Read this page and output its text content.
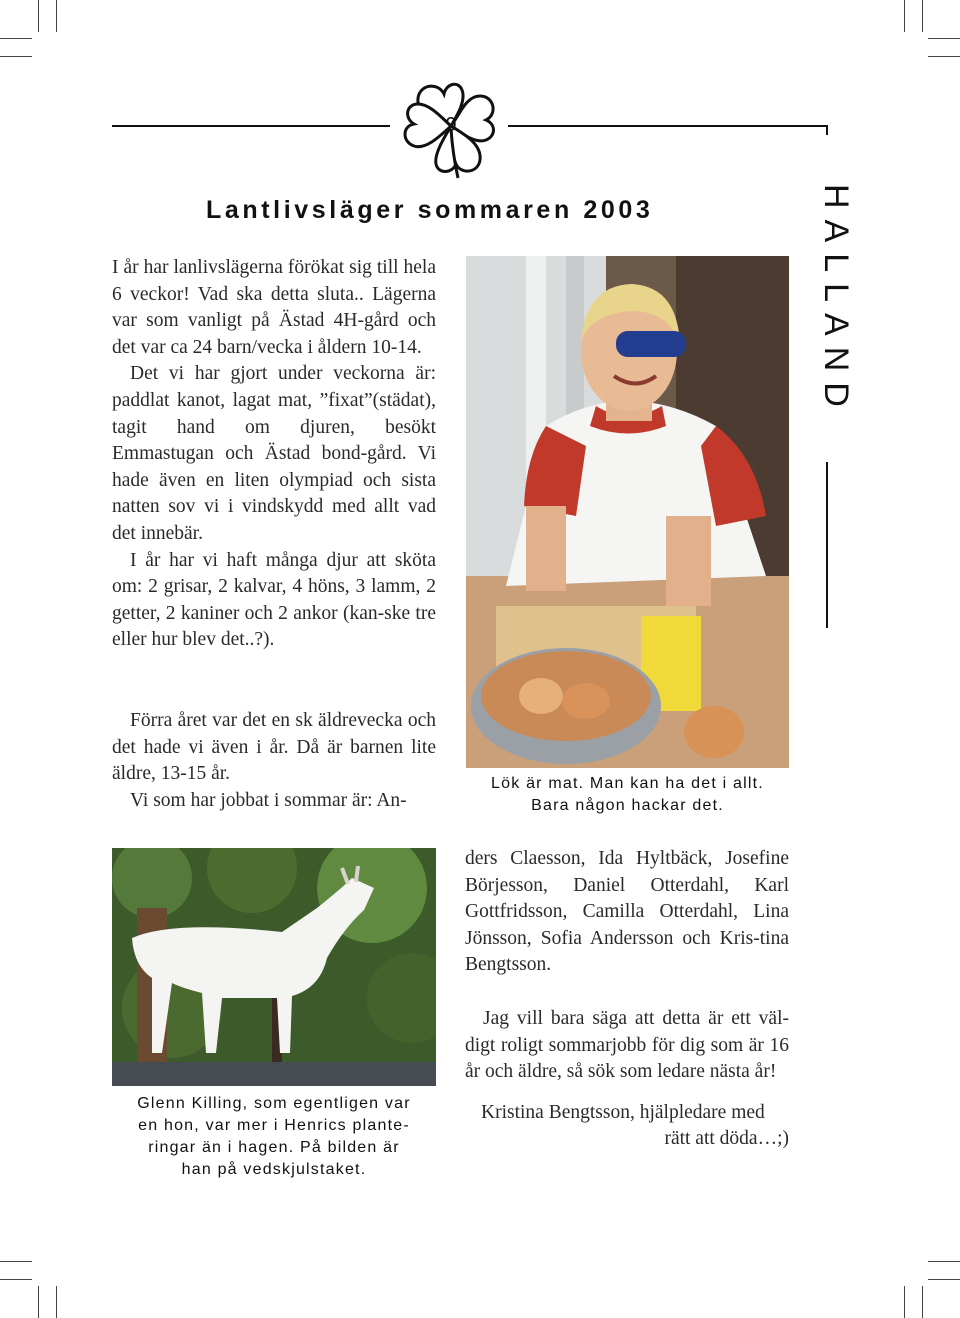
9
HALLAND
Lantlivsläger sommaren 2003

I år har lanlivslägerna förökat sig till hela 6 veckor! Vad ska detta sluta.. Lägerna var som vanligt på Ästad 4H-gård och det var ca 24 barn/vecka i åldern 10-14.

Det vi har gjort under veckorna är: paddlat kanot, lagat mat, ”fixat”(städat), tagit hand om djuren, besökt Emmastugan och Ästad bond-gård. Vi hade även en liten olympiad och sista natten sov vi i vindskydd med allt vad det innebär.

I år har vi haft många djur att sköta om: 2 grisar, 2 kalvar, 4 höns, 3 lamm, 2 getter, 2 kaniner och 2 ankor (kan-ske tre eller hur blev det..?).

Förra året var det en sk äldrevecka och det hade vi även i år. Då är barnen lite äldre, 13-15 år.

Vi som har jobbat i sommar är: An-

Lök är mat. Man kan ha det i allt.
Bara någon hackar det.

ders Claesson, Ida Hyltbäck, Josefine Börjesson, Daniel Otterdahl, Karl Gottfridsson, Camilla Otterdahl, Lina Jönsson, Sofia Andersson och Kris-tina Bengtsson.

Jag vill bara säga att detta är ett väl-digt roligt sommarjobb för dig som är 16 år och äldre, så sök som ledare nästa år!

Kristina Bengtsson, hjälpledare med
rätt att döda…;)

Glenn Killing, som egentligen var
en hon, var mer i Henrics plante-
ringar än i hagen. På bilden är
han på vedskjulstaket.
